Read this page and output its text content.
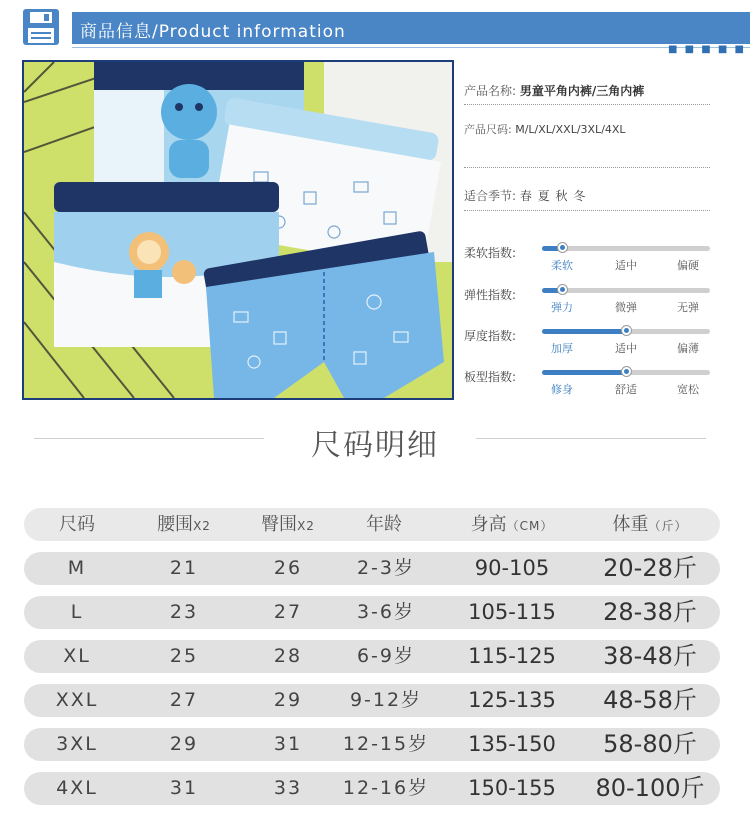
商品信息/Product information
■ ■ ■ ■ ■
产品名称: 男童平角内裤/三角内裤
产品尺码: M/L/XL/XXL/3XL/4XL
适合季节: 春 夏 秋 冬
柔软指数:
柔软	适中	偏硬
弹性指数:
弹力	微弹	无弹
厚度指数:
加厚	适中	偏薄
板型指数:
修身	舒适	宽松
尺码明细
尺码	腰围X2	臀围X2	年龄	身高（CM）	体重（斤）
M	21	26	2-3岁	90-105	20-28斤
L	23	27	3-6岁	105-115	28-38斤
XL	25	28	6-9岁	115-125	38-48斤
XXL	27	29	9-12岁	125-135	48-58斤
3XL	29	31	12-15岁	135-150	58-80斤
4XL	31	33	12-16岁	150-155	80-100斤
